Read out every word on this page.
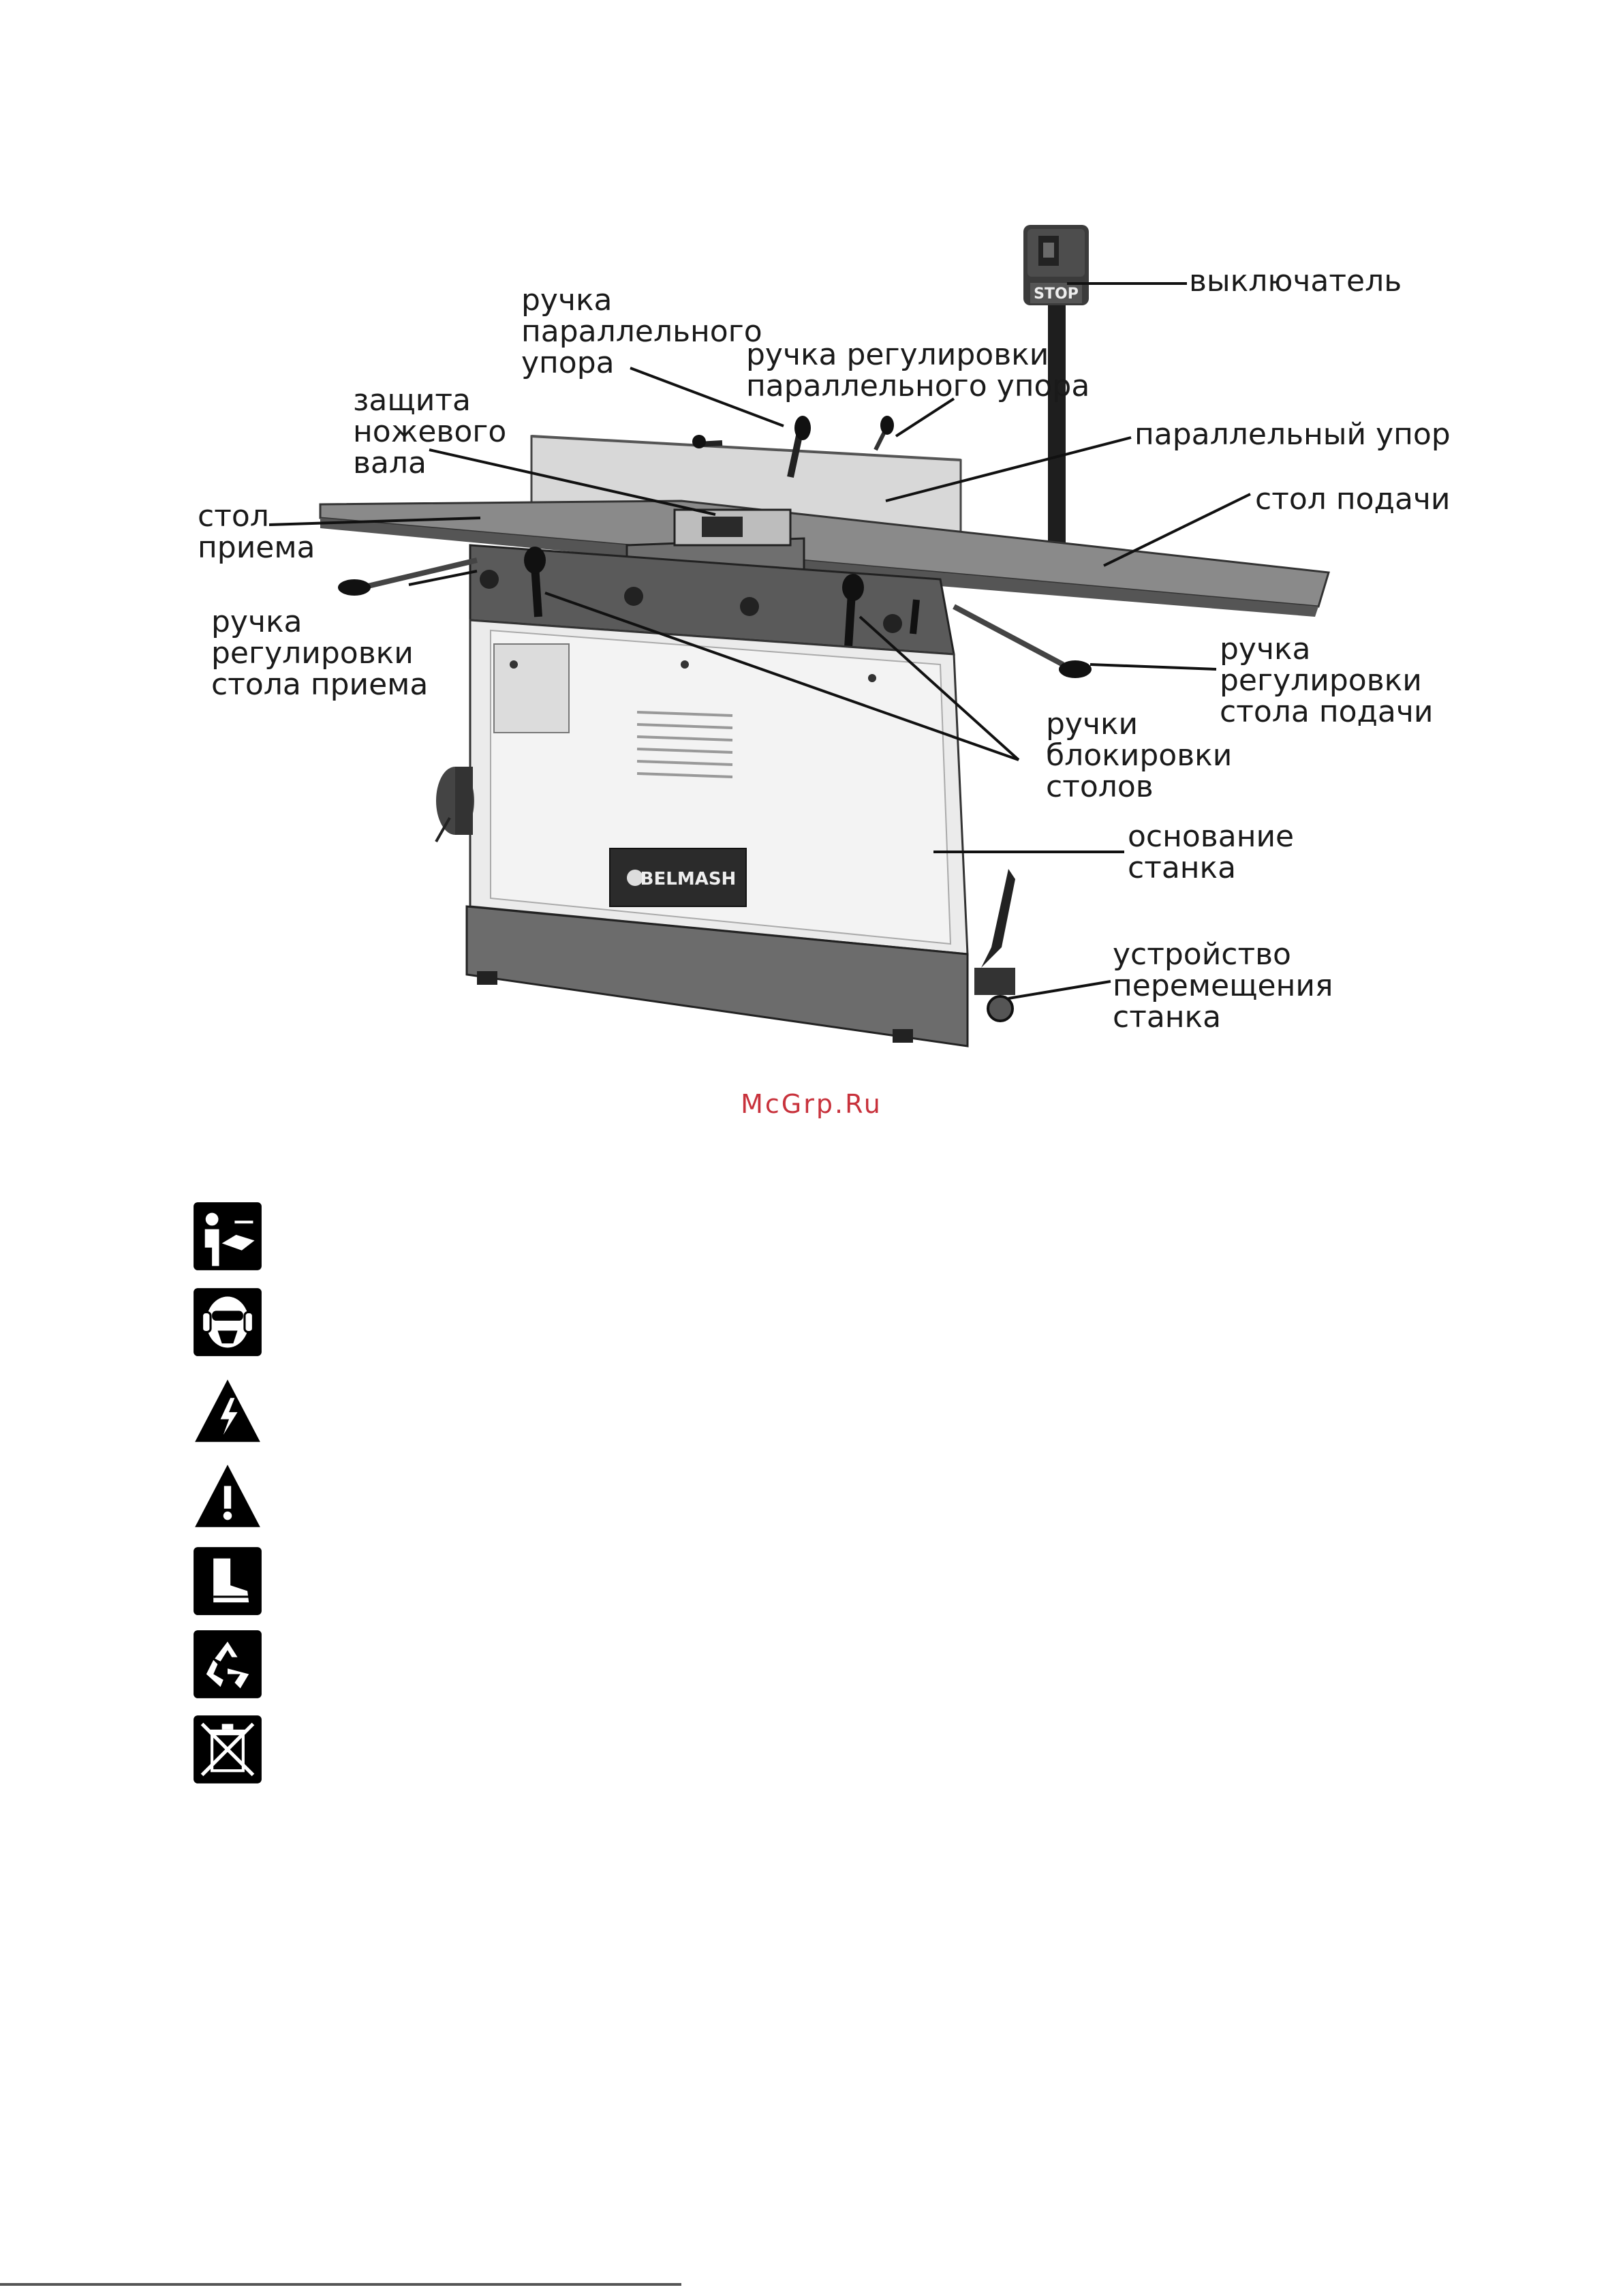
STOP
BELMASH
выключатель
ручка
параллельного
упора	ручка регулировки
параллельного упора
защита
ножевого
вала
параллельный упор
стол
приема
стол подачи
ручка
регулировки
стола приема
ручка
регулировки
стола подачи
ручки
блокировки
столов
основание
станка
устройство
перемещения
станка
McGrp.Ru
